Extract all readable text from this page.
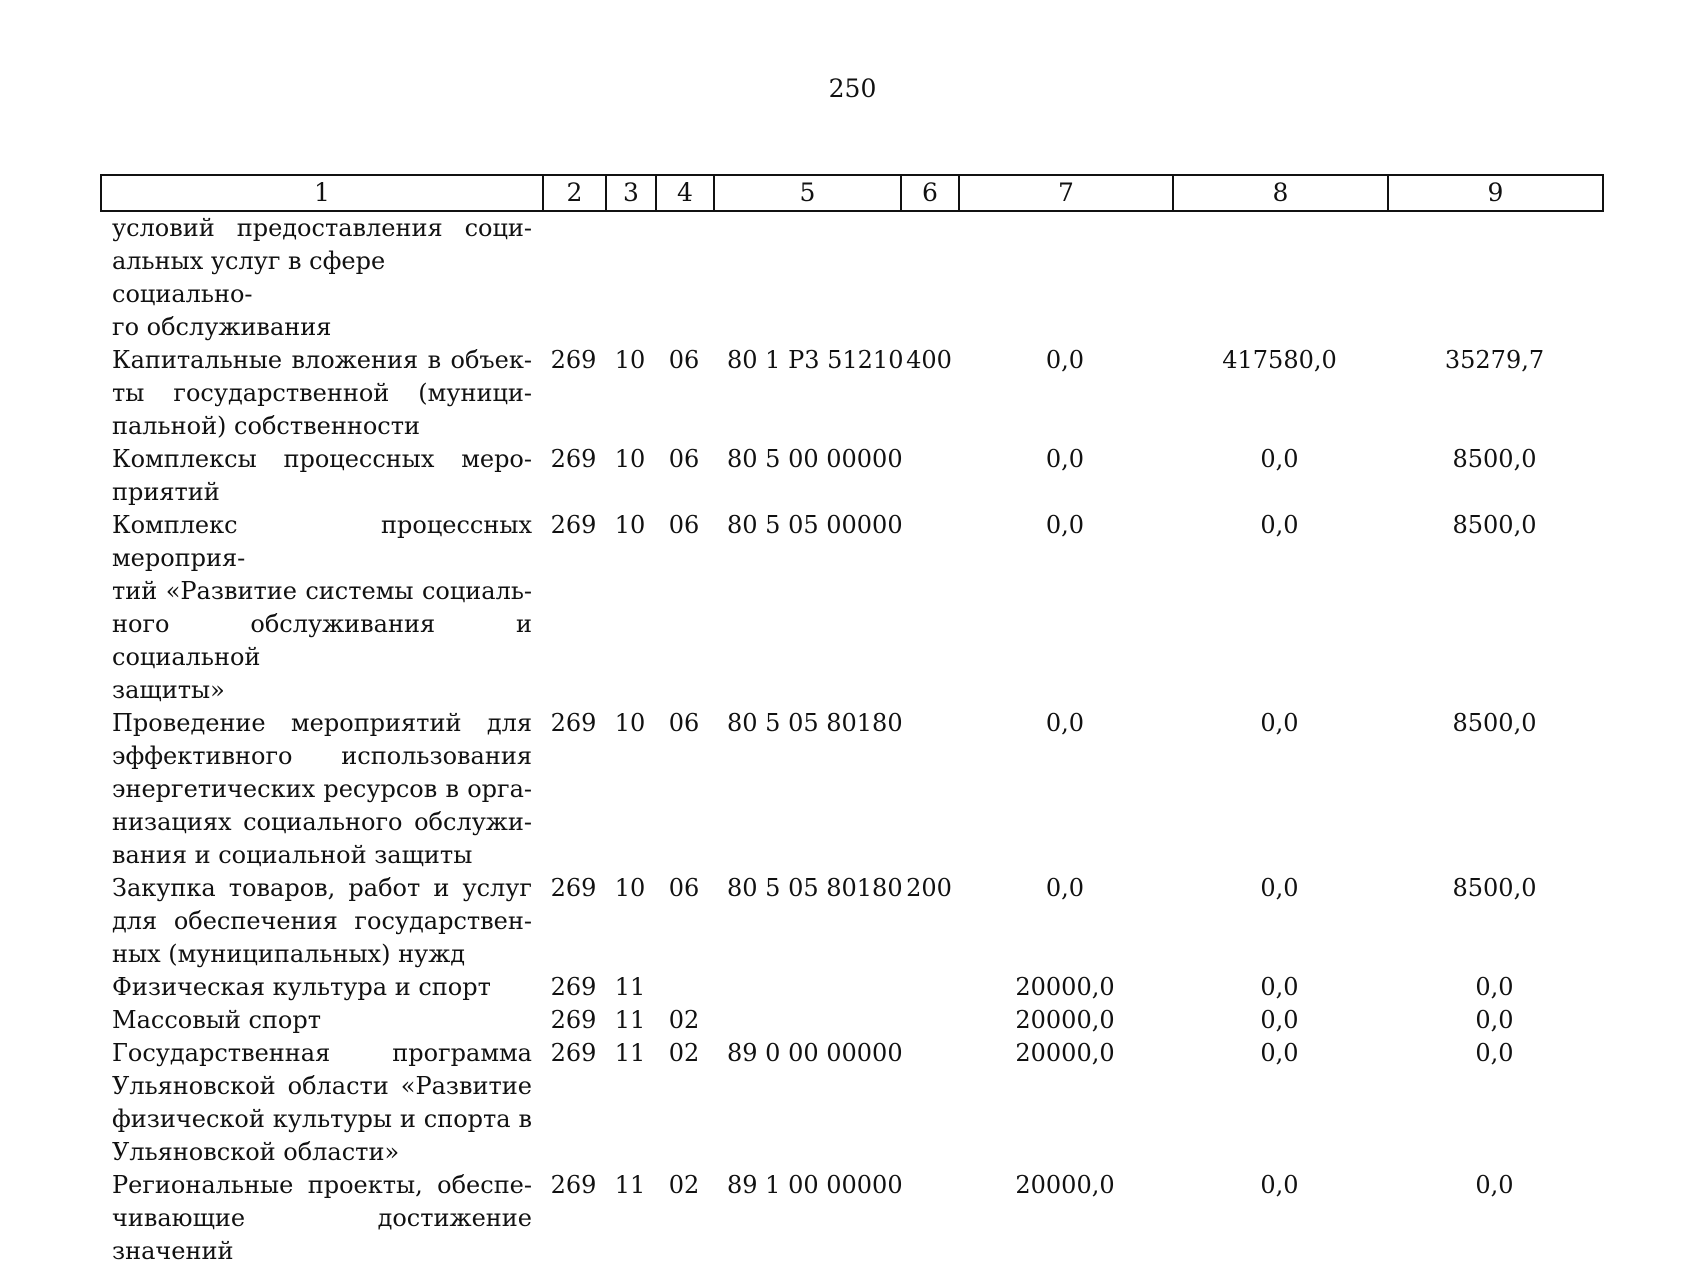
250
1	2	3	4	5	6	7	8	9
условий предоставления соци-
альных услуг в сфере социально-
го обслуживания								

Капитальные вложения в объек-
ты государственной (муници-
пальной) собственности	269	10	06	80 1 Р3 51210	400	0,0	417580,0	35279,7

Комплексы процессных меро-
приятий	269	10	06	80 5 00 00000		0,0	0,0	8500,0

Комплекс процессных мероприя-
тий «Развитие системы социаль-
ного обслуживания и социальной
защиты»	269	10	06	80 5 05 00000		0,0	0,0	8500,0

Проведение мероприятий для
эффективного использования
энергетических ресурсов в орга-
низациях социального обслужи-
вания и социальной защиты	269	10	06	80 5 05 80180		0,0	0,0	8500,0

Закупка товаров, работ и услуг
для обеспечения государствен-
ных (муниципальных) нужд	269	10	06	80 5 05 80180	200	0,0	0,0	8500,0

Физическая культура и спорт	269	11				20000,0	0,0	0,0

Массовый спорт	269	11	02			20000,0	0,0	0,0

Государственная программа
Ульяновской области «Развитие
физической культуры и спорта в
Ульяновской области»	269	11	02	89 0 00 00000		20000,0	0,0	0,0

Региональные проекты, обеспе-
чивающие достижение значений	269	11	02	89 1 00 00000		20000,0	0,0	0,0
